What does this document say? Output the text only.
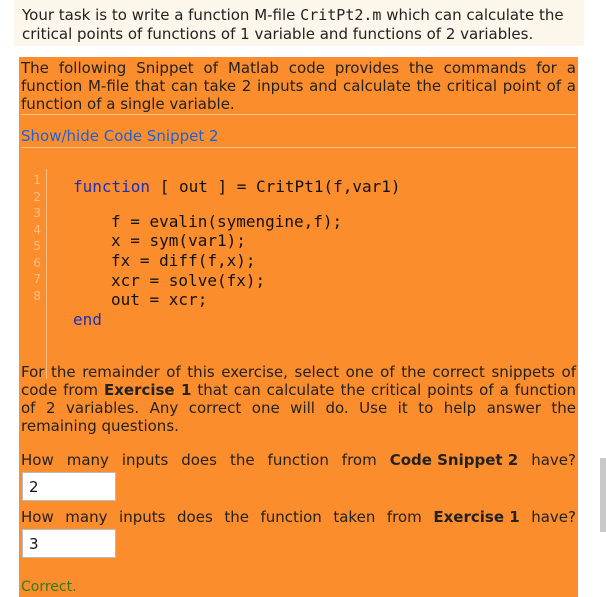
Your task is to write a function M-file CritPt2.m which can calculate the critical points of functions of 1 variable and functions of 2 variables.
The following Snippet of Matlab code provides the commands for a function M-file that can take 2 inputs and calculate the critical point of a function of a single variable.
Show/hide Code Snippet 2
1
2
3
4
5
6
7
8
function [ out ] = CritPt1(f,var1)
f = evalin(symengine,f);
x = sym(var1);
fx = diff(f,x);
xcr = solve(fx);
out = xcr;
end
For the remainder of this exercise, select one of the correct snippets of code from Exercise 1 that can calculate the critical points of a function of 2 variables. Any correct one will do. Use it to help answer the remaining questions.
How many inputs does the function from Code Snippet 2 have?
2
How many inputs does the function taken from Exercise 1 have?
3
Correct.
